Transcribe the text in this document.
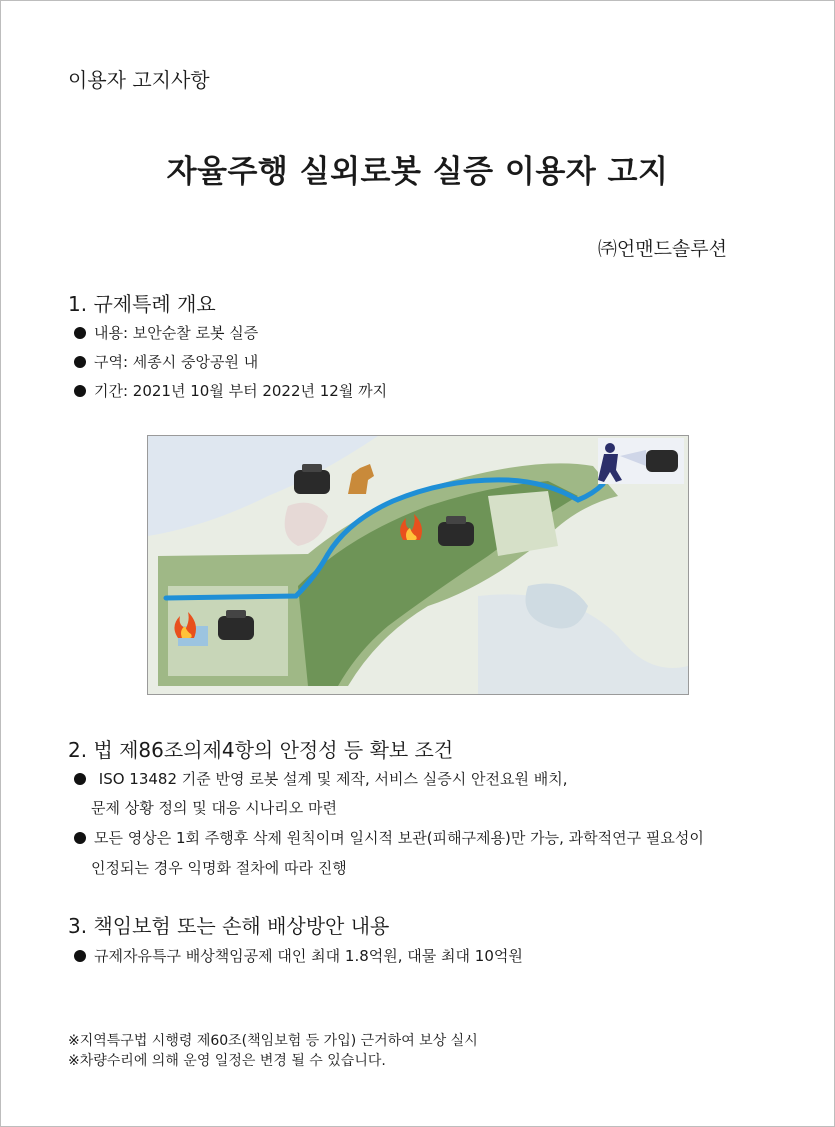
이용자 고지사항
자율주행 실외로봇 실증 이용자 고지
㈜언맨드솔루션
1. 규제특례 개요
내용: 보안순찰 로봇 실증
구역: 세종시 중앙공원 내
기간: 2021년 10월 부터 2022년 12월 까지
2. 법 제86조의제4항의 안정성 등 확보 조건
ISO 13482 기준 반영 로봇 설계 및 제작, 서비스 실증시 안전요원 배치,
문제 상황 정의 및 대응 시나리오 마련
모든 영상은 1회 주행후 삭제 원칙이며 일시적 보관(피해구제용)만 가능, 과학적연구 필요성이
인정되는 경우 익명화 절차에 따라 진행
3. 책임보험 또는 손해 배상방안 내용
규제자유특구 배상책임공제 대인 최대 1.8억원, 대물 최대 10억원
※지역특구법 시행령 제60조(책임보험 등 가입) 근거하여 보상 실시
※차량수리에 의해 운영 일정은 변경 될 수 있습니다.
